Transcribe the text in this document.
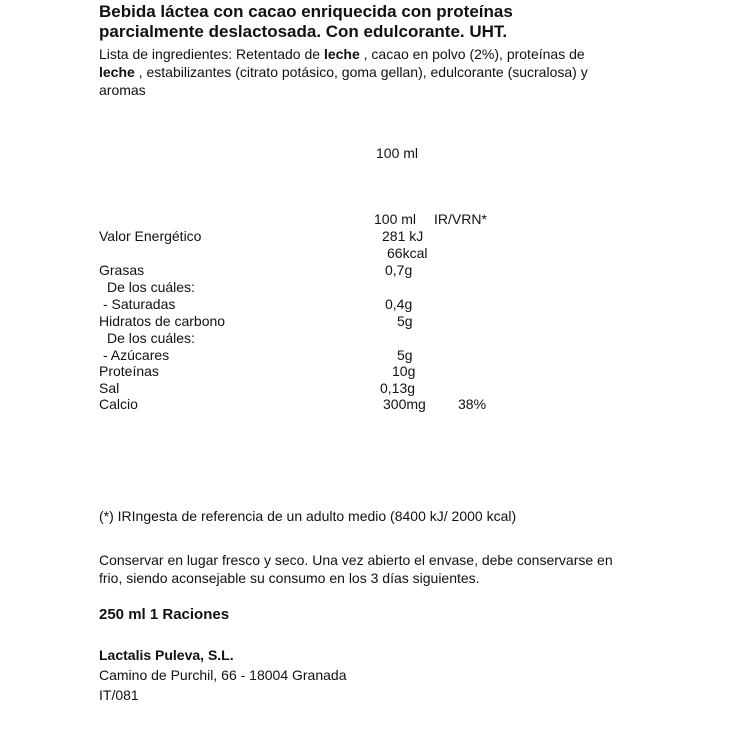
Bebida láctea con cacao enriquecida con proteínas
parcialmente deslactosada. Con edulcorante. UHT.
Lista de ingredientes: Retentado de leche , cacao en polvo (2%), proteínas de
leche , estabilizantes (citrato potásico, goma gellan), edulcorante (sucralosa) y
aromas
100 ml
100 ml IR/VRN*
Valor Energético	281 kJ
66kcal
Grasas	0,7g
De los cuáles:
- Saturadas	0,4g
Hidratos de carbono	5g
De los cuáles:
- Azúcares	5g
Proteínas	10g
Sal	0,13g
Calcio	300mg 38%
(*) IRIngesta de referencia de un adulto medio (8400 kJ/ 2000 kcal)
Conservar en lugar fresco y seco. Una vez abierto el envase, debe conservarse en
frio, siendo aconsejable su consumo en los 3 días siguientes.
250 ml 1 Raciones
Lactalis Puleva, S.L.
Camino de Purchil, 66 - 18004 Granada
IT/081
